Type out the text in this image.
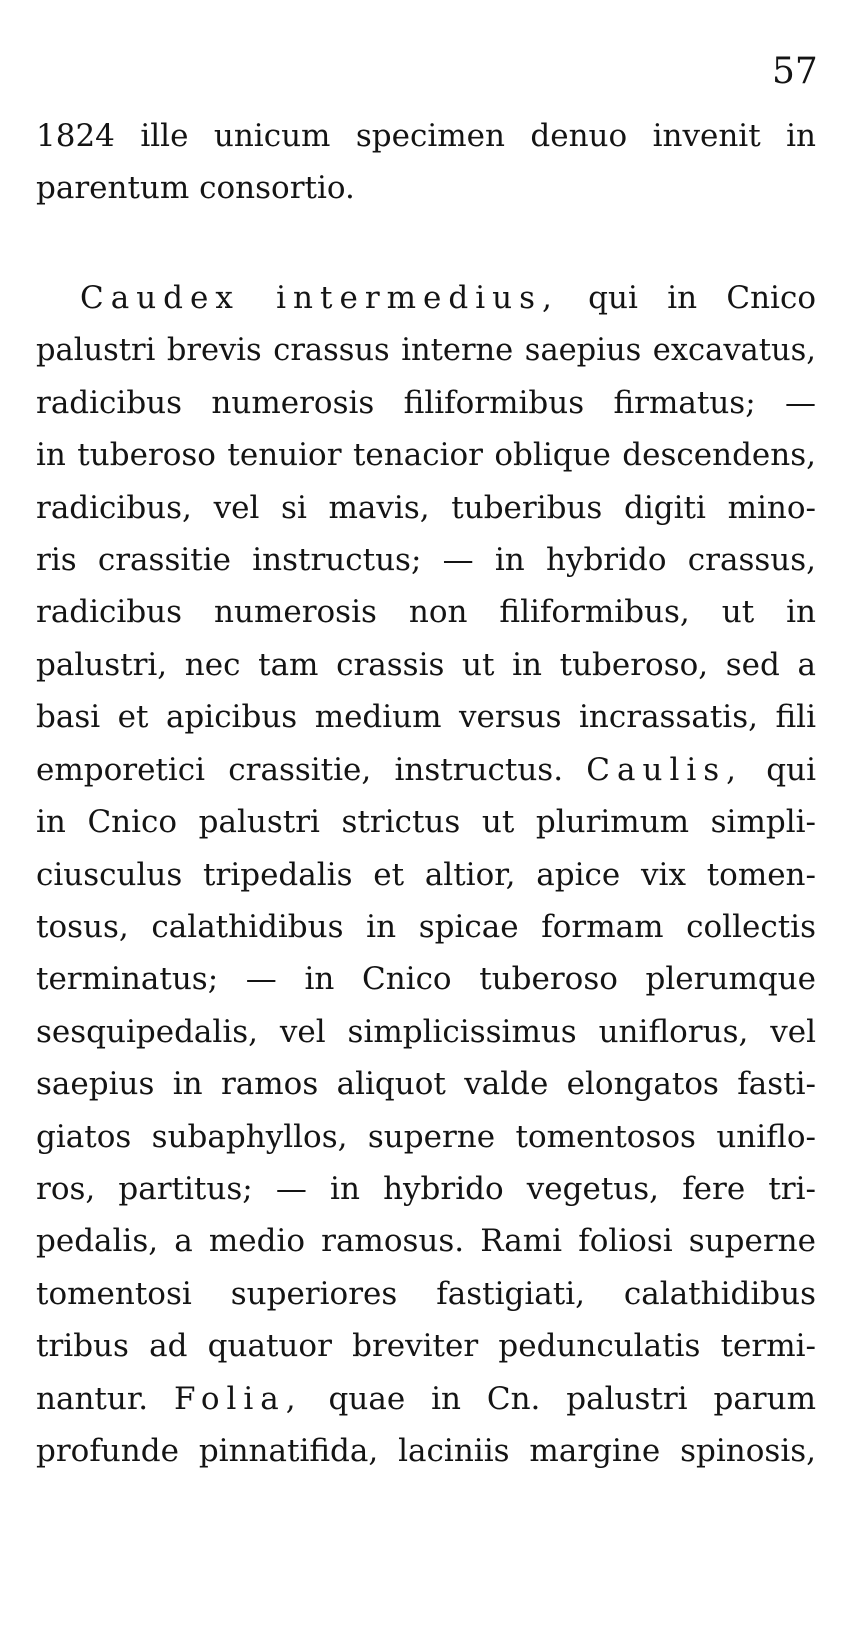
57
1824 ille unicum specimen denuo invenit in
parentum consortio.
Caudex intermedius, qui in Cnico
palustri brevis crassus interne saepius excavatus,
radicibus numerosis filiformibus firmatus; —
in tuberoso tenuior tenacior oblique descendens,
radicibus, vel si mavis, tuberibus digiti mino-
ris crassitie instructus; — in hybrido crassus,
radicibus numerosis non filiformibus, ut in
palustri, nec tam crassis ut in tuberoso, sed a
basi et apicibus medium versus incrassatis, fili
emporetici crassitie, instructus. Caulis, qui
in Cnico palustri strictus ut plurimum simpli-
ciusculus tripedalis et altior, apice vix tomen-
tosus, calathidibus in spicae formam collectis
terminatus; — in Cnico tuberoso plerumque
sesquipedalis, vel simplicissimus uniflorus, vel
saepius in ramos aliquot valde elongatos fasti-
giatos subaphyllos, superne tomentosos uniflo-
ros, partitus; — in hybrido vegetus, fere tri-
pedalis, a medio ramosus. Rami foliosi superne
tomentosi superiores fastigiati, calathidibus
tribus ad quatuor breviter pedunculatis termi-
nantur. Folia, quae in Cn. palustri parum
profunde pinnatifida, laciniis margine spinosis,
